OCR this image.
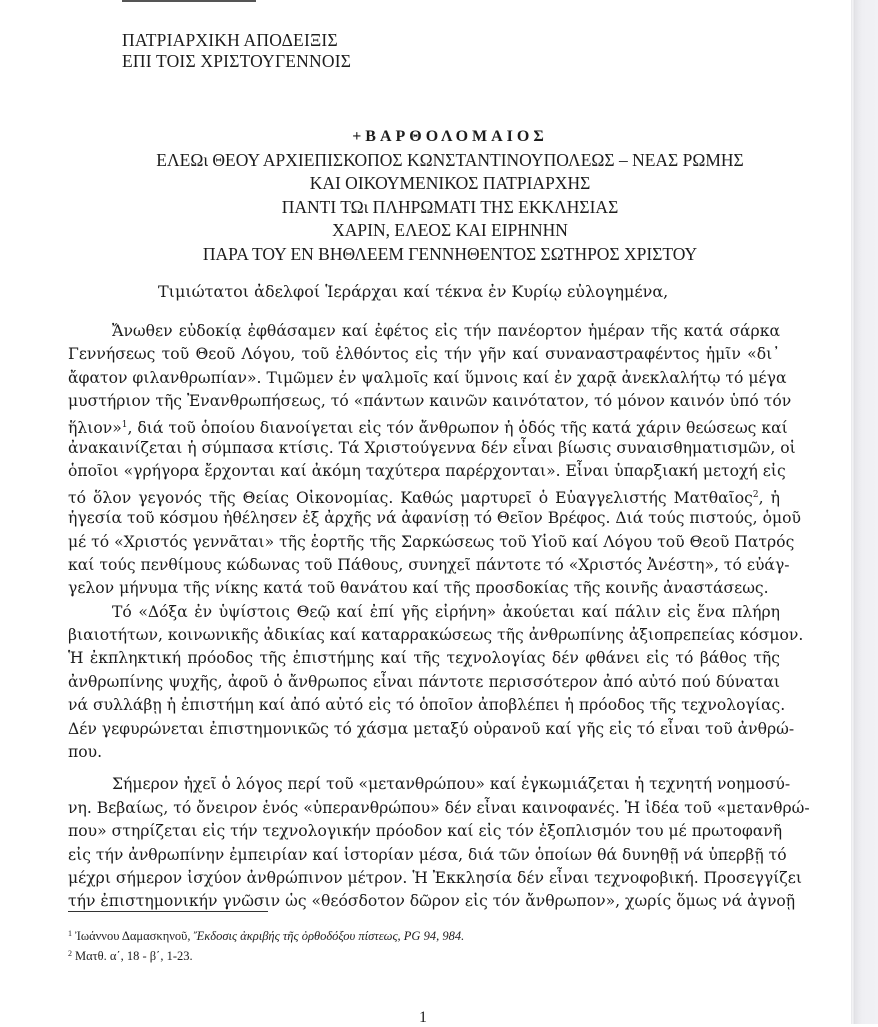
ΠΑΤΡΙΑΡΧΙΚΗ ΑΠΟΔΕΙΞΙΣ
ΕΠΙ ΤΟΙΣ ΧΡΙΣΤΟΥΓΕΝΝΟΙΣ
+ΒΑΡΘΟΛΟΜΑΙΟΣ
ΕΛΕΩι ΘΕΟΥ ΑΡΧΙΕΠΙΣΚΟΠΟΣ ΚΩΝΣΤΑΝΤΙΝΟΥΠΟΛΕΩΣ – ΝΕΑΣ ΡΩΜΗΣ
ΚΑΙ ΟΙΚΟΥΜΕΝΙΚΟΣ ΠΑΤΡΙΑΡΧΗΣ
ΠΑΝΤΙ ΤΩι ΠΛΗΡΩΜΑΤΙ ΤΗΣ ΕΚΚΛΗΣΙΑΣ
ΧΑΡΙΝ, ΕΛΕΟΣ ΚΑΙ ΕΙΡΗΝΗΝ
ΠΑΡΑ ΤΟΥ ΕΝ ΒΗΘΛΕΕΜ ΓΕΝΝΗΘΕΝΤΟΣ ΣΩΤΗΡΟΣ ΧΡΙΣΤΟΥ
Τιμιώτατοι ἀδελφοί Ἱεράρχαι καί τέκνα ἐν Κυρίῳ εὐλογημένα,
Ἄνωθεν εὐδοκίᾳ ἐφθάσαμεν καί ἐφέτος εἰς τήν πανέορτον ἡμέραν τῆς κατά σάρκα
Γεννήσεως τοῦ Θεοῦ Λόγου, τοῦ ἐλθόντος εἰς τήν γῆν καί συναναστραφέντος ἡμῖν «δι᾽
ἄφατον φιλανθρωπίαν». Τιμῶμεν ἐν ψαλμοῖς καί ὕμνοις καί ἐν χαρᾷ ἀνεκλαλήτῳ τό μέγα
μυστήριον τῆς Ἐνανθρωπήσεως, τό «πάντων καινῶν καινότατον, τό μόνον καινόν ὑπό τόν
ἥλιον»$^1$, διά τοῦ ὁποίου διανοίγεται εἰς τόν ἄνθρωπον ἡ ὁδός τῆς κατά χάριν θεώσεως καί
ἀνακαινίζεται ἡ σύμπασα κτίσις. Τά Χριστούγεννα δέν εἶναι βίωσις συναισθηματισμῶν, οἱ
ὁποῖοι «γρήγορα ἔρχονται καί ἀκόμη ταχύτερα παρέρχονται». Εἶναι ὑπαρξιακή μετοχή εἰς
τό ὅλον γεγονός τῆς Θείας Οἰκονομίας. Καθώς μαρτυρεῖ ὁ Εὐαγγελιστής Ματθαῖος$^2$, ἡ
ἡγεσία τοῦ κόσμου ἠθέλησεν ἐξ ἀρχῆς νά ἀφανίσῃ τό Θεῖον Βρέφος. Διά τούς πιστούς, ὁμοῦ
μέ τό «Χριστός γεννᾶται» τῆς ἑορτῆς τῆς Σαρκώσεως τοῦ Υἱοῦ καί Λόγου τοῦ Θεοῦ Πατρός
καί τούς πενθίμους κώδωνας τοῦ Πάθους, συνηχεῖ πάντοτε τό «Χριστός Ἀνέστη», τό εὐάγ-
γελον μήνυμα τῆς νίκης κατά τοῦ θανάτου καί τῆς προσδοκίας τῆς κοινῆς ἀναστάσεως.
Τό «Δόξα ἐν ὑψίστοις Θεῷ καί ἐπί γῆς εἰρήνη» ἀκούεται καί πάλιν εἰς ἕνα πλήρη
βιαιοτήτων, κοινωνικῆς ἀδικίας καί καταρρακώσεως τῆς ἀνθρωπίνης ἀξιοπρεπείας κόσμον.
Ἡ ἐκπληκτική πρόοδος τῆς ἐπιστήμης καί τῆς τεχνολογίας δέν φθάνει εἰς τό βάθος τῆς
ἀνθρωπίνης ψυχῆς, ἀφοῦ ὁ ἄνθρωπος εἶναι πάντοτε περισσότερον ἀπό αὐτό πού δύναται
νά συλλάβῃ ἡ ἐπιστήμη καί ἀπό αὐτό εἰς τό ὁποῖον ἀποβλέπει ἡ πρόοδος τῆς τεχνολογίας.
Δέν γεφυρώνεται ἐπιστημονικῶς τό χάσμα μεταξύ οὐρανοῦ καί γῆς εἰς τό εἶναι τοῦ ἀνθρώ-
που.
Σήμερον ἠχεῖ ὁ λόγος περί τοῦ «μετανθρώπου» καί ἐγκωμιάζεται ἡ τεχνητή νοημοσύ-
νη. Βεβαίως, τό ὄνειρον ἑνός «ὑπερανθρώπου» δέν εἶναι καινοφανές. Ἡ ἰδέα τοῦ «μετανθρώ-
που» στηρίζεται εἰς τήν τεχνολογικήν πρόοδον καί εἰς τόν ἐξοπλισμόν του μέ πρωτοφανῆ
εἰς τήν ἀνθρωπίνην ἐμπειρίαν καί ἱστορίαν μέσα, διά τῶν ὁποίων θά δυνηθῇ νά ὑπερβῇ τό
μέχρι σήμερον ἰσχύον ἀνθρώπινον μέτρον. Ἡ Ἐκκλησία δέν εἶναι τεχνοφοβική. Προσεγγίζει
τήν ἐπιστημονικήν γνῶσιν ὡς «θεόσδοτον δῶρον εἰς τόν ἄνθρωπον», χωρίς ὅμως νά ἀγνοῇ
$^1$ Ἰωάννου Δαμασκηνοῦ, Ἔκδοσις ἀκριβής τῆς ὀρθοδόξου πίστεως, PG 94, 984.
$^2$ Ματθ. α΄, 18 - β΄, 1-23.
1
